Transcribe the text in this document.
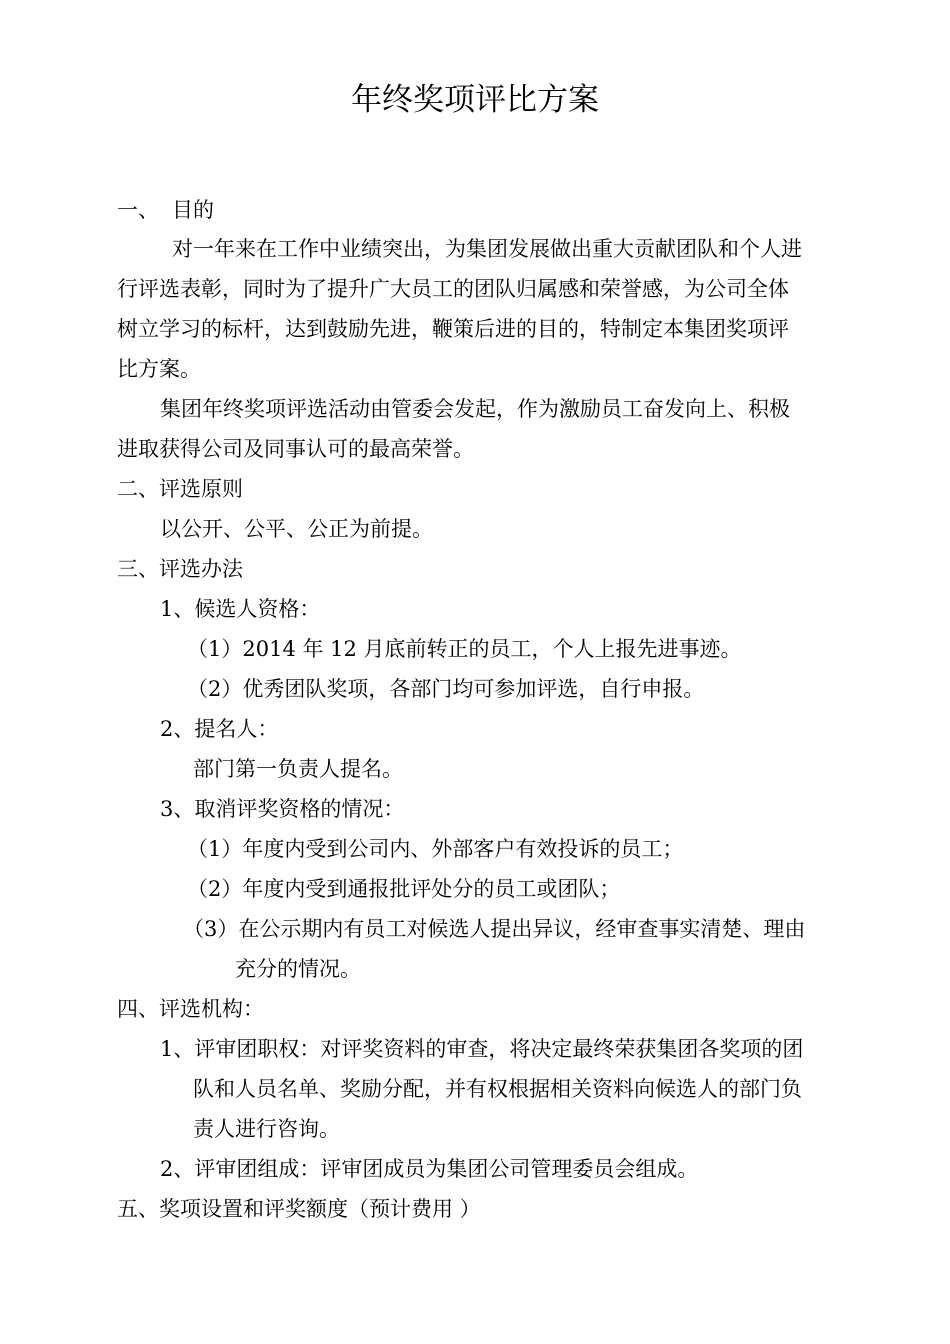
年终奖项评比方案
一、 目的
对一年来在工作中业绩突出，为集团发展做出重大贡献团队和个人进
行评选表彰，同时为了提升广大员工的团队归属感和荣誉感，为公司全体
树立学习的标杆，达到鼓励先进，鞭策后进的目的，特制定本集团奖项评
比方案。
集团年终奖项评选活动由管委会发起，作为激励员工奋发向上、积极
进取获得公司及同事认可的最高荣誉。
二、评选原则
以公开、公平、公正为前提。
三、评选办法
1、候选人资格：
（1）2014 年 12 月底前转正的员工，个人上报先进事迹。
（2）优秀团队奖项，各部门均可参加评选，自行申报。
2、提名人：
部门第一负责人提名。
3、取消评奖资格的情况：
（1）年度内受到公司内、外部客户有效投诉的员工；
（2）年度内受到通报批评处分的员工或团队；
（3）在公示期内有员工对候选人提出异议，经审查事实清楚、理由
充分的情况。
四、评选机构：
1、评审团职权：对评奖资料的审查，将决定最终荣获集团各奖项的团
队和人员名单、奖励分配，并有权根据相关资料向候选人的部门负
责人进行咨询。
2、评审团组成：评审团成员为集团公司管理委员会组成。
五、奖项设置和评奖额度（预计费用 ）
